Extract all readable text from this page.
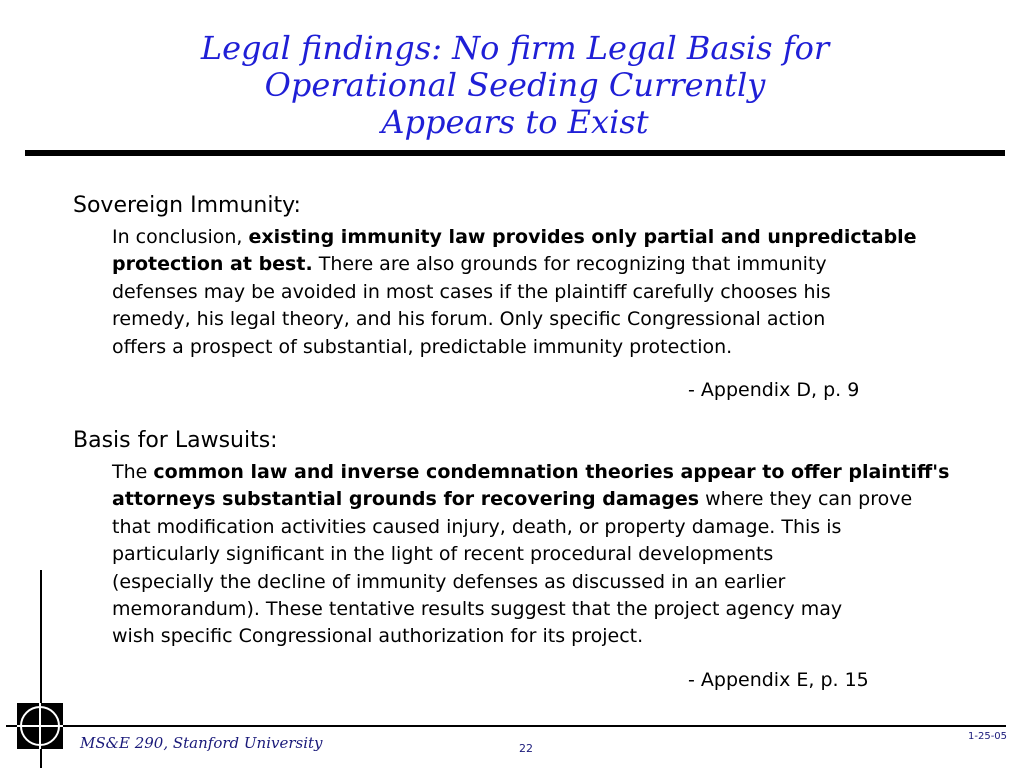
Legal findings: No firm Legal Basis for
Operational Seeding Currently
Appears to Exist
Sovereign Immunity:
In conclusion, existing immunity law provides only partial and unpredictable
protection at best. There are also grounds for recognizing that immunity
defenses may be avoided in most cases if the plaintiff carefully chooses his
remedy, his legal theory, and his forum. Only specific Congressional action
offers a prospect of substantial, predictable immunity protection.
- Appendix D, p. 9
Basis for Lawsuits:
The common law and inverse condemnation theories appear to offer plaintiff's
attorneys substantial grounds for recovering damages where they can prove
that modification activities caused injury, death, or property damage. This is
particularly significant in the light of recent procedural developments
(especially the decline of immunity defenses as discussed in an earlier
memorandum). These tentative results suggest that the project agency may
wish specific Congressional authorization for its project.
- Appendix E, p. 15
MS&E 290, Stanford University	22
1-25-05
